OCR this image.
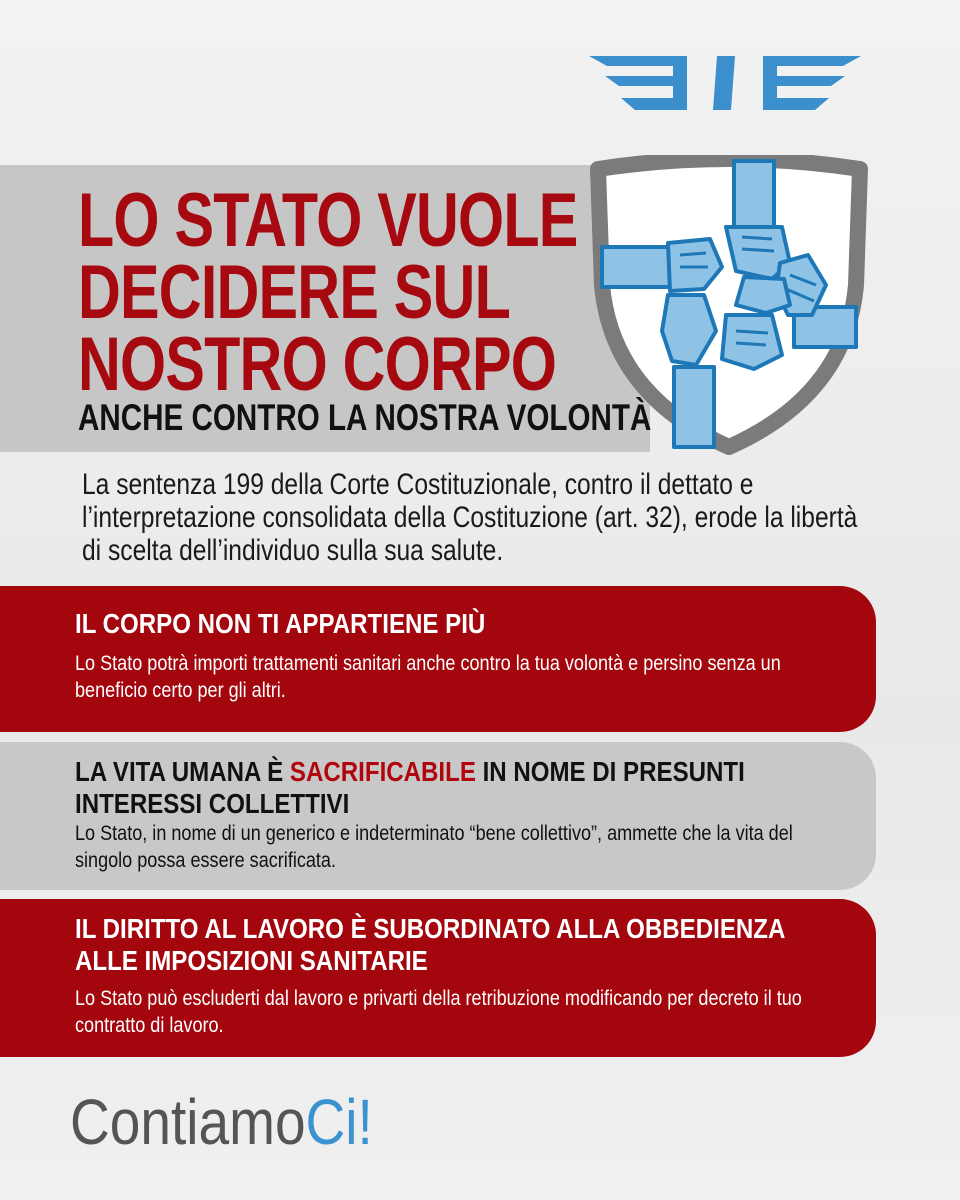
LO STATO VUOLE
DECIDERE SUL
NOSTRO CORPO
ANCHE CONTRO LA NOSTRA VOLONTÀ

La sentenza 199 della Corte Costituzionale, contro il dettato e l’interpretazione consolidata della Costituzione (art. 32), erode la libertà di scelta dell’individuo sulla sua salute.

IL CORPO NON TI APPARTIENE PIÙ

Lo Stato potrà importi trattamenti sanitari anche contro la tua volontà e persino senza un beneficio certo per gli altri.

LA VITA UMANA È SACRIFICABILE IN NOME DI PRESUNTI
INTERESSI COLLETTIVI

Lo Stato, in nome di un generico e indeterminato “bene collettivo”, ammette che la vita del singolo possa essere sacrificata.

IL DIRITTO AL LAVORO È SUBORDINATO ALLA OBBEDIENZA
ALLE IMPOSIZIONI SANITARIE

Lo Stato può escluderti dal lavoro e privarti della retribuzione modificando per decreto il tuo contratto di lavoro.

ContiamoCi!
